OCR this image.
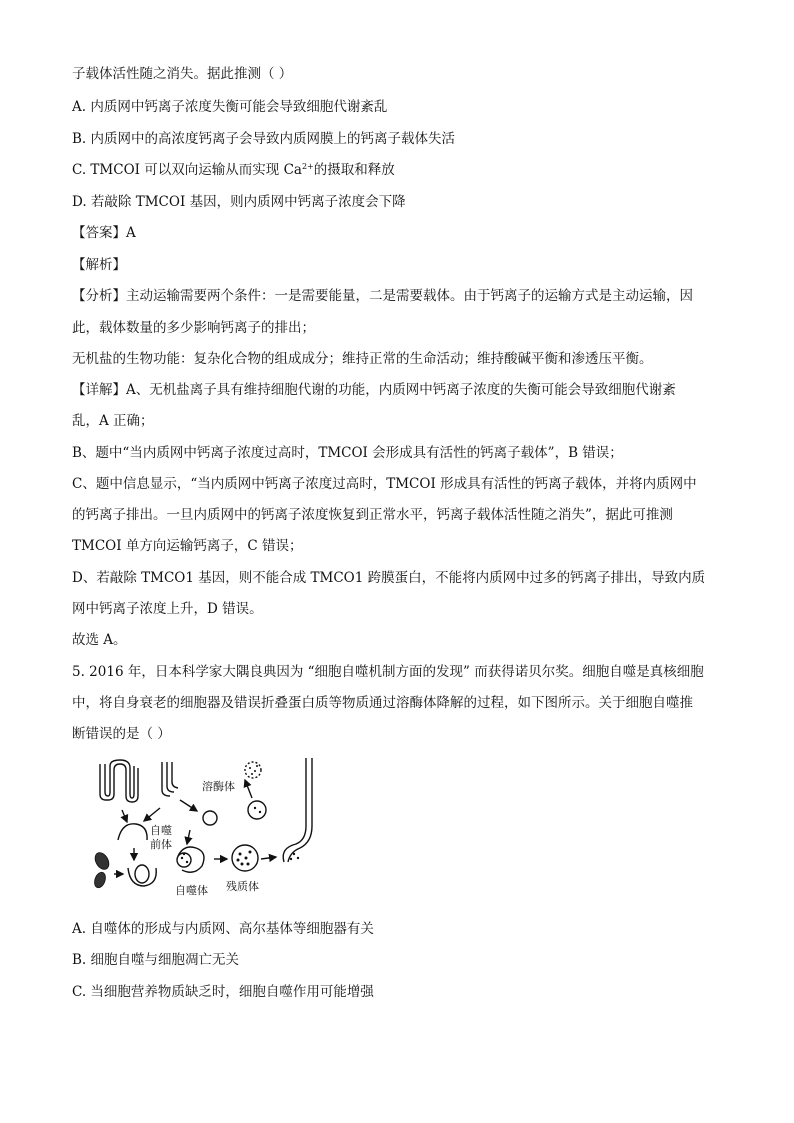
子载体活性随之消失。据此推测（ ）
A. 内质网中钙离子浓度失衡可能会导致细胞代谢紊乱
B. 内质网中的高浓度钙离子会导致内质网膜上的钙离子载体失活
C. TMCOI 可以双向运输从而实现 $Ca^{2+}$的摄取和释放
D. 若敲除 TMCOI 基因，则内质网中钙离子浓度会下降
【答案】A
【解析】
【分析】主动运输需要两个条件：一是需要能量，二是需要载体。由于钙离子的运输方式是主动运输，因
此，载体数量的多少影响钙离子的排出；
无机盐的生物功能：复杂化合物的组成成分；维持正常的生命活动；维持酸碱平衡和渗透压平衡。
【详解】A、无机盐离子具有维持细胞代谢的功能，内质网中钙离子浓度的失衡可能会导致细胞代谢紊
乱，A 正确；
B、题中“当内质网中钙离子浓度过高时，TMCOI 会形成具有活性的钙离子载体”，B 错误；
C、题中信息显示，“当内质网中钙离子浓度过高时，TMCOI 形成具有活性的钙离子载体，并将内质网中
的钙离子排出。一旦内质网中的钙离子浓度恢复到正常水平，钙离子载体活性随之消失”，据此可推测
TMCOI 单方向运输钙离子，C 错误；
D、若敲除 TMCO1 基因，则不能合成 TMCO1 跨膜蛋白，不能将内质网中过多的钙离子排出，导致内质
网中钙离子浓度上升，D 错误。
故选 A。
5. 2016 年，日本科学家大隅良典因为 “细胞自噬机制方面的发现” 而获得诺贝尔奖。细胞自噬是真核细胞
中，将自身衰老的细胞器及错误折叠蛋白质等物质通过溶酶体降解的过程，如下图所示。关于细胞自噬推
断错误的是（ ）
溶酶体
自噬
前体
自噬体 残质体
A. 自噬体的形成与内质网、高尔基体等细胞器有关
B. 细胞自噬与细胞凋亡无关
C. 当细胞营养物质缺乏时，细胞自噬作用可能增强
